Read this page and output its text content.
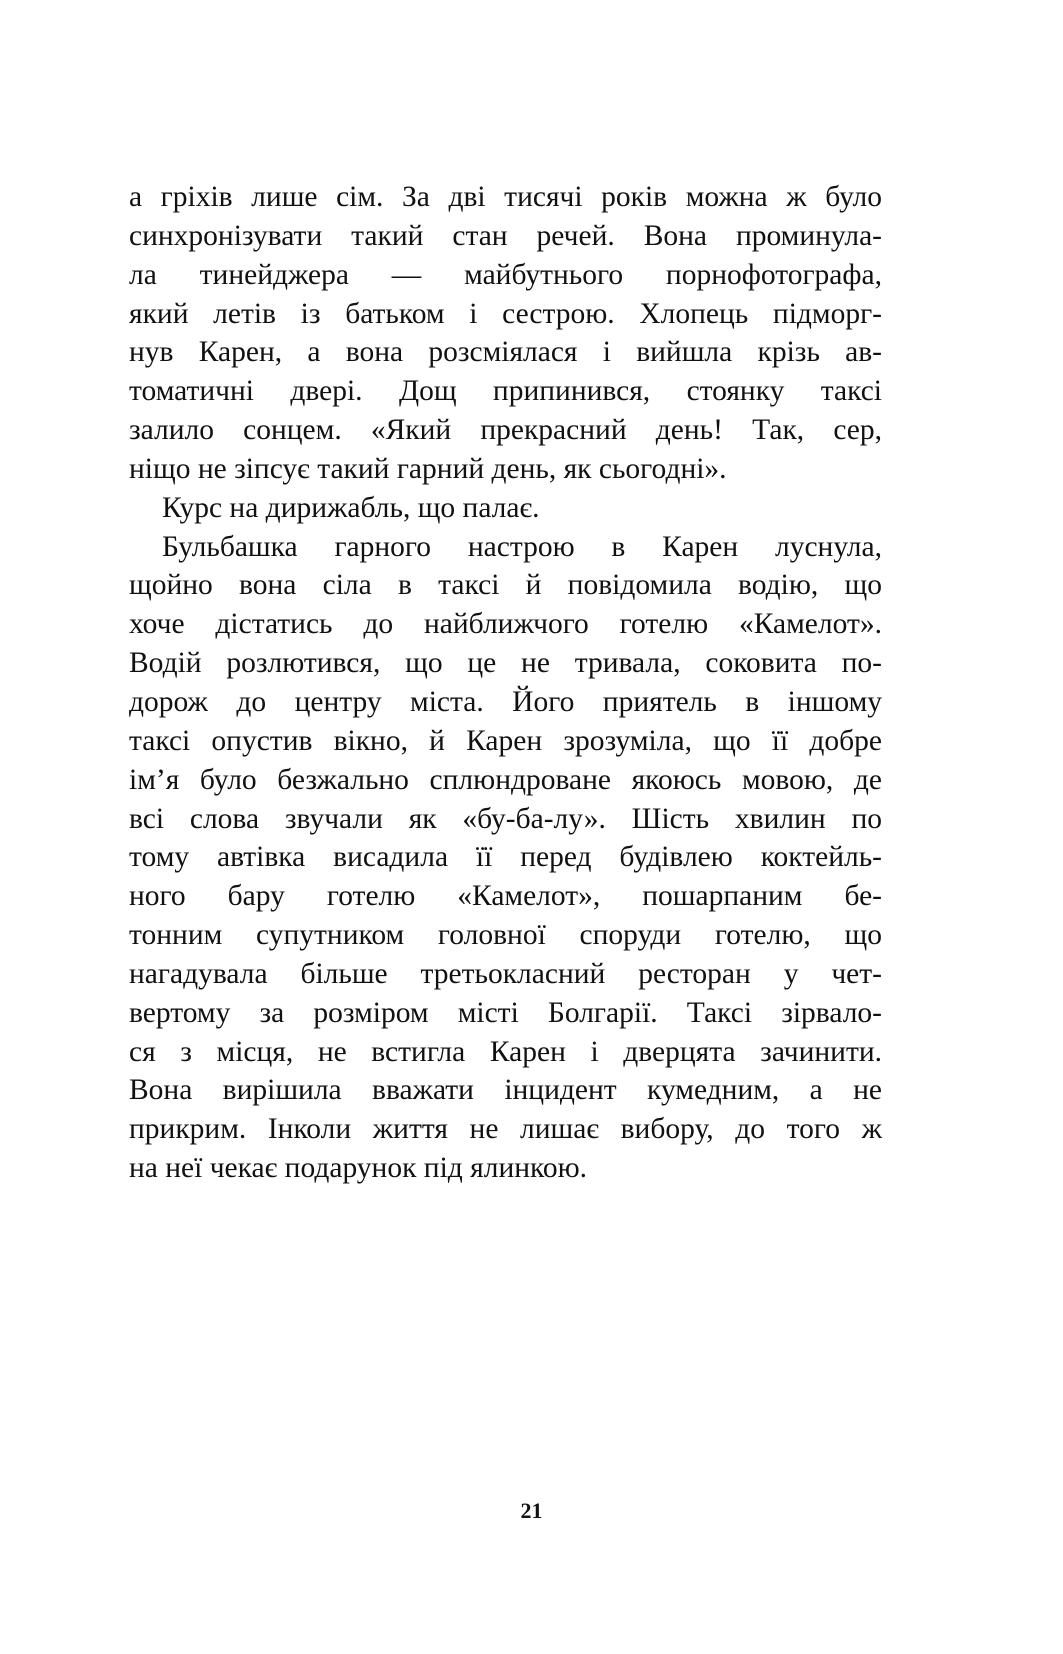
а гріхів лише сім. За дві тисячі років можна ж було
синхронізувати такий стан речей. Вона проминула-
ла тинейджера — майбутнього порнофотографа,
який летів із батьком і сестрою. Хлопець підморг-
нув Карен, а вона розсміялася і вийшла крізь ав-
томатичні двері. Дощ припинився, стоянку таксі
залило сонцем. «Який прекрасний день! Так, сер,
ніщо не зіпсує такий гарний день, як сьогодні».
Курс на дирижабль, що палає.
Бульбашка гарного настрою в Карен луснула,
щойно вона сіла в таксі й повідомила водію, що
хоче дістатись до найближчого готелю «Камелот».
Водій розлютився, що це не тривала, соковита по-
дорож до центру міста. Його приятель в іншому
таксі опустив вікно, й Карен зрозуміла, що її добре
ім’я було безжально сплюндроване якоюсь мовою, де
всі слова звучали як «бу-ба-лу». Шість хвилин по
тому автівка висадила її перед будівлею коктейль-
ного бару готелю «Камелот», пошарпаним бе-
тонним супутником головної споруди готелю, що
нагадувала більше третьокласний ресторан у чет-
вертому за розміром місті Болгарії. Таксі зірвало-
ся з місця, не встигла Карен і дверцята зачинити.
Вона вирішила вважати інцидент кумедним, а не
прикрим. Інколи життя не лишає вибору, до того ж
на неї чекає подарунок під ялинкою.
21
